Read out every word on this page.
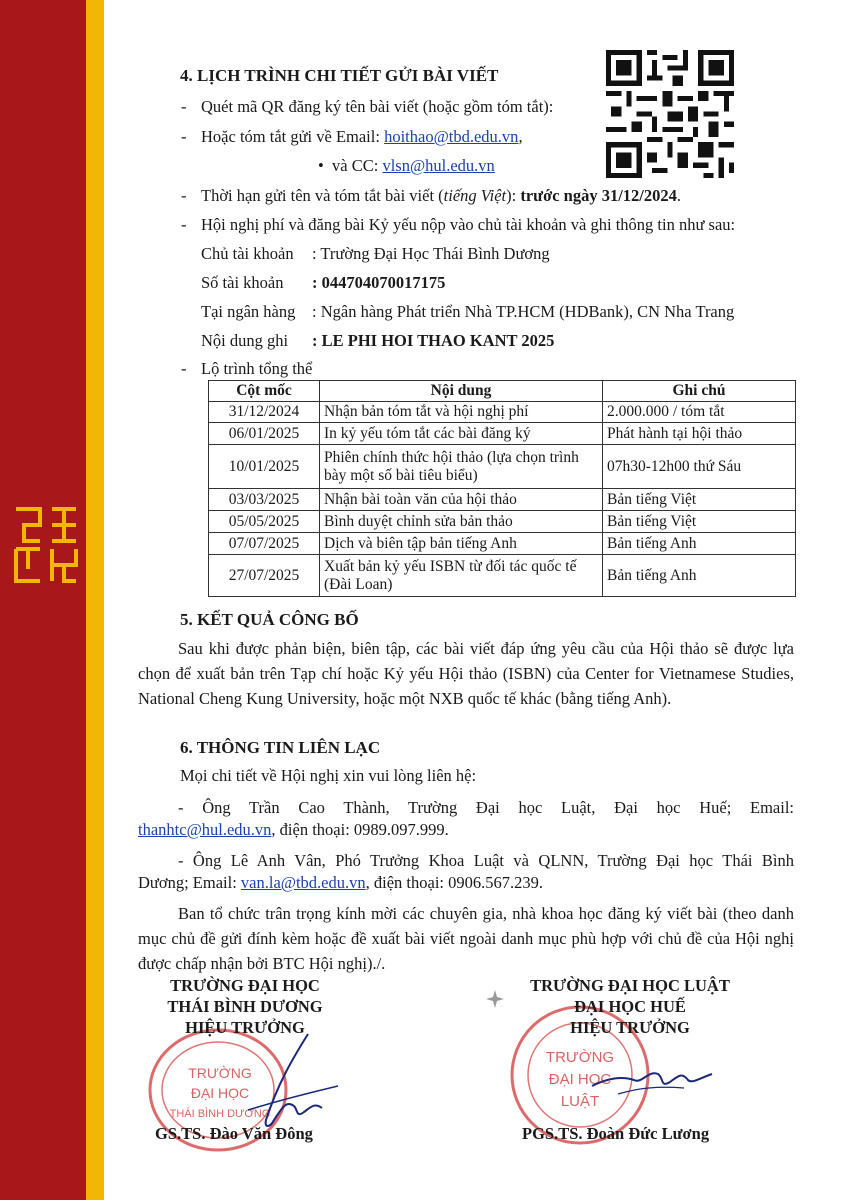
4. LỊCH TRÌNH CHI TIẾT GỬI BÀI VIẾT
- Quét mã QR đăng ký tên bài viết (hoặc gồm tóm tắt):
- Hoặc tóm tắt gửi về Email: hoithao@tbd.edu.vn,
• và CC: vlsn@hul.edu.vn
- Thời hạn gửi tên và tóm tắt bài viết (tiếng Việt): trước ngày 31/12/2024.
- Hội nghị phí và đăng bài Kỷ yếu nộp vào chủ tài khoản và ghi thông tin như sau:
Chủ tài khoản : Trường Đại Học Thái Bình Dương
Số tài khoản : 044704070017175
Tại ngân hàng : Ngân hàng Phát triển Nhà TP.HCM (HDBank), CN Nha Trang
Nội dung ghi : LE PHI HOI THAO KANT 2025
- Lộ trình tổng thể
Cột mốc	Nội dung	Ghi chú
31/12/2024	Nhận bản tóm tắt và hội nghị phí	2.000.000 / tóm tắt
06/01/2025	In kỷ yếu tóm tắt các bài đăng ký	Phát hành tại hội thảo
10/01/2025	Phiên chính thức hội thảo (lựa chọn trình bày một số bài tiêu biểu)	07h30-12h00 thứ Sáu
03/03/2025	Nhận bài toàn văn của hội thảo	Bản tiếng Việt
05/05/2025	Bình duyệt chỉnh sửa bản thảo	Bản tiếng Việt
07/07/2025	Dịch và biên tập bản tiếng Anh	Bản tiếng Anh
27/07/2025	Xuất bản kỷ yếu ISBN từ đối tác quốc tế (Đài Loan)	Bản tiếng Anh
5. KẾT QUẢ CÔNG BỐ
Sau khi được phản biện, biên tập, các bài viết đáp ứng yêu cầu của Hội thảo sẽ được lựa chọn để xuất bản trên Tạp chí hoặc Kỷ yếu Hội thảo (ISBN) của Center for Vietnamese Studies, National Cheng Kung University, hoặc một NXB quốc tế khác (bằng tiếng Anh).
6. THÔNG TIN LIÊN LẠC
Mọi chi tiết về Hội nghị xin vui lòng liên hệ:
- Ông Trần Cao Thành, Trường Đại học Luật, Đại học Huế; Email:
thanhtc@hul.edu.vn, điện thoại: 0989.097.999.
- Ông Lê Anh Vân, Phó Trưởng Khoa Luật và QLNN, Trường Đại học Thái Bình
Dương; Email: van.la@tbd.edu.vn, điện thoại: 0906.567.239.
Ban tổ chức trân trọng kính mời các chuyên gia, nhà khoa học đăng ký viết bài (theo danh mục chủ đề gửi đính kèm hoặc đề xuất bài viết ngoài danh mục phù hợp với chủ đề của Hội nghị được chấp nhận bởi BTC Hội nghị)./.
TRƯỜNG
ĐẠI HỌC
THÁI BÌNH DƯƠNG
TRƯỜNG
ĐẠI HỌC
LUẬT
TRƯỜNG ĐẠI HỌC
THÁI BÌNH DƯƠNG
HIỆU TRƯỞNG
GS.TS. Đào Văn Đông
TRƯỜNG ĐẠI HỌC LUẬT
ĐẠI HỌC HUẾ
HIỆU TRƯỞNG
PGS.TS. Đoàn Đức Lương
